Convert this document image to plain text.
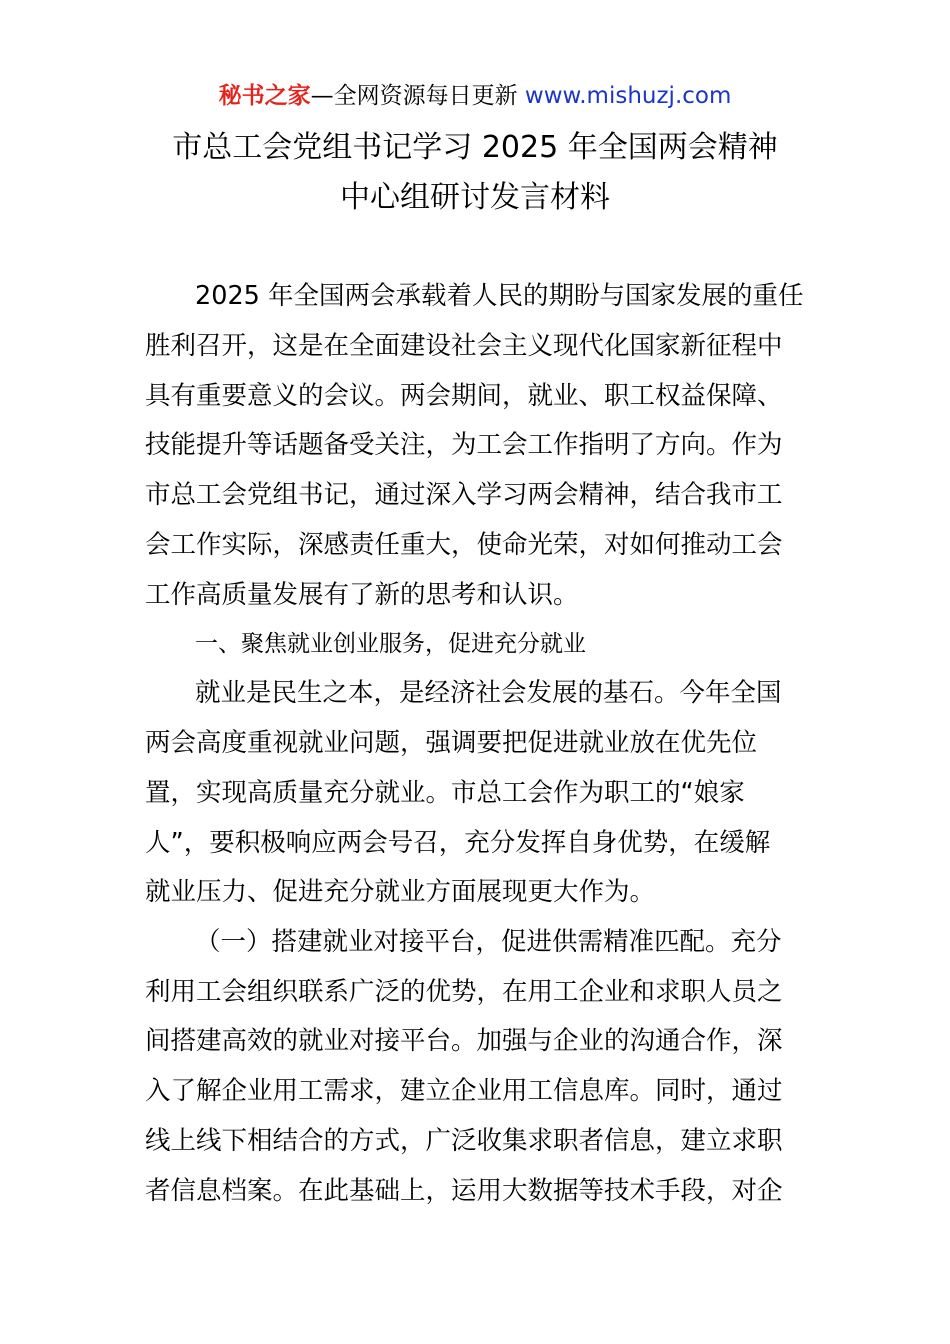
秘书之家—全网资源每日更新 www.mishuzj.com
市总工会党组书记学习 2025 年全国两会精神
中心组研讨发言材料
2025 年全国两会承载着人民的期盼与国家发展的重任
胜利召开，这是在全面建设社会主义现代化国家新征程中
具有重要意义的会议。两会期间，就业、职工权益保障、
技能提升等话题备受关注，为工会工作指明了方向。作为
市总工会党组书记，通过深入学习两会精神，结合我市工
会工作实际，深感责任重大，使命光荣，对如何推动工会
工作高质量发展有了新的思考和认识。
一、聚焦就业创业服务，促进充分就业
就业是民生之本，是经济社会发展的基石。今年全国
两会高度重视就业问题，强调要把促进就业放在优先位
置，实现高质量充分就业。市总工会作为职工的“娘家
人”，要积极响应两会号召，充分发挥自身优势，在缓解
就业压力、促进充分就业方面展现更大作为。
（一）搭建就业对接平台，促进供需精准匹配。充分
利用工会组织联系广泛的优势，在用工企业和求职人员之
间搭建高效的就业对接平台。加强与企业的沟通合作，深
入了解企业用工需求，建立企业用工信息库。同时，通过
线上线下相结合的方式，广泛收集求职者信息，建立求职
者信息档案。在此基础上，运用大数据等技术手段，对企
